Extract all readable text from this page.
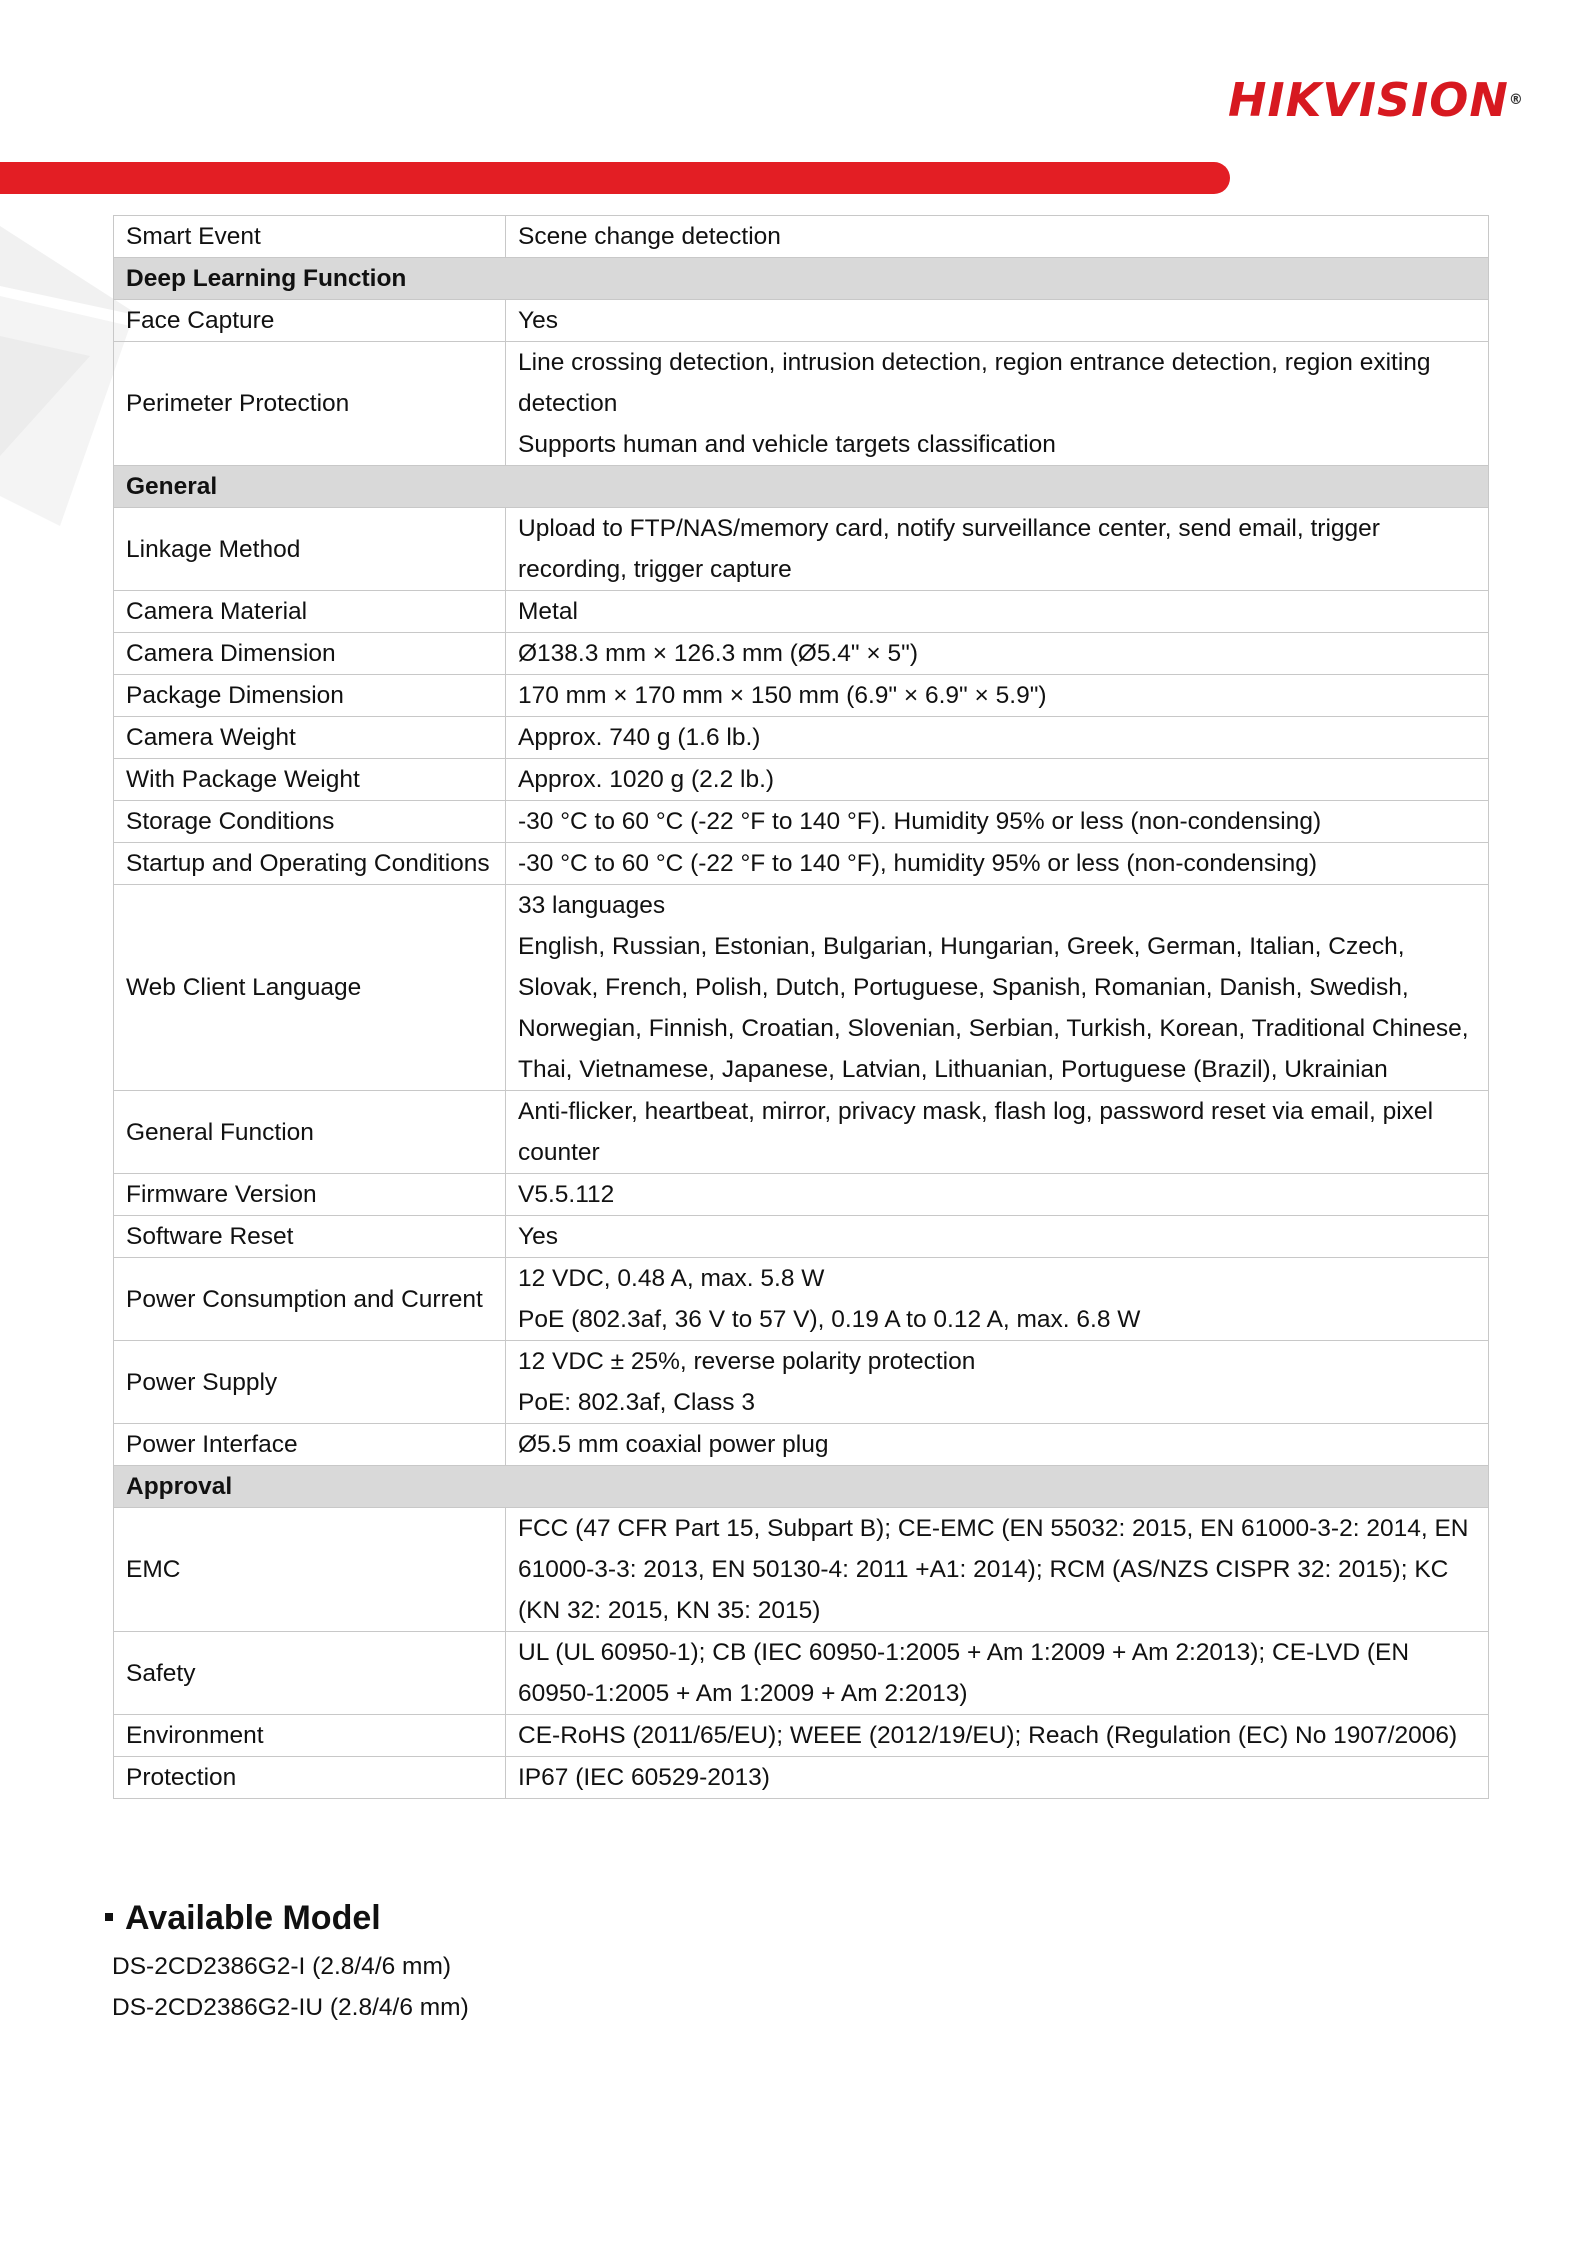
HIKVISION®
Smart Event	Scene change detection

Deep Learning Function	
Face Capture	Yes

Perimeter Protection	Line crossing detection, intrusion detection, region entrance detection, region exiting detection
Supports human and vehicle targets classification

General	
Linkage Method	Upload to FTP/NAS/memory card, notify surveillance center, send email, trigger recording, trigger capture

Camera Material	Metal

Camera Dimension	Ø138.3 mm × 126.3 mm (Ø5.4" × 5")

Package Dimension	170 mm × 170 mm × 150 mm (6.9" × 6.9" × 5.9")

Camera Weight	Approx. 740 g (1.6 lb.)

With Package Weight	Approx. 1020 g (2.2 lb.)

Storage Conditions	-30 °C to 60 °C (-22 °F to 140 °F). Humidity 95% or less (non-condensing)

Startup and Operating Conditions	-30 °C to 60 °C (-22 °F to 140 °F), humidity 95% or less (non-condensing)

Web Client Language	33 languages
English, Russian, Estonian, Bulgarian, Hungarian, Greek, German, Italian, Czech, Slovak, French, Polish, Dutch, Portuguese, Spanish, Romanian, Danish, Swedish, Norwegian, Finnish, Croatian, Slovenian, Serbian, Turkish, Korean, Traditional Chinese, Thai, Vietnamese, Japanese, Latvian, Lithuanian, Portuguese (Brazil), Ukrainian

General Function	Anti-flicker, heartbeat, mirror, privacy mask, flash log, password reset via email, pixel counter

Firmware Version	V5.5.112

Software Reset	Yes

Power Consumption and Current	12 VDC, 0.48 A, max. 5.8 W
PoE (802.3af, 36 V to 57 V), 0.19 A to 0.12 A, max. 6.8 W

Power Supply	12 VDC ± 25%, reverse polarity protection
PoE: 802.3af, Class 3

Power Interface	Ø5.5 mm coaxial power plug

Approval	
EMC	FCC (47 CFR Part 15, Subpart B); CE-EMC (EN 55032: 2015, EN 61000-3-2: 2014, EN 61000-3-3: 2013, EN 50130-4: 2011 +A1: 2014); RCM (AS/NZS CISPR 32: 2015); KC (KN 32: 2015, KN 35: 2015)

Safety	UL (UL 60950-1); CB (IEC 60950-1:2005 + Am 1:2009 + Am 2:2013); CE-LVD (EN 60950-1:2005 + Am 1:2009 + Am 2:2013)

Environment	CE-RoHS (2011/65/EU); WEEE (2012/19/EU); Reach (Regulation (EC) No 1907/2006)

Protection	IP67 (IEC 60529-2013)
Available Model
DS-2CD2386G2-I (2.8/4/6 mm)
DS-2CD2386G2-IU (2.8/4/6 mm)
